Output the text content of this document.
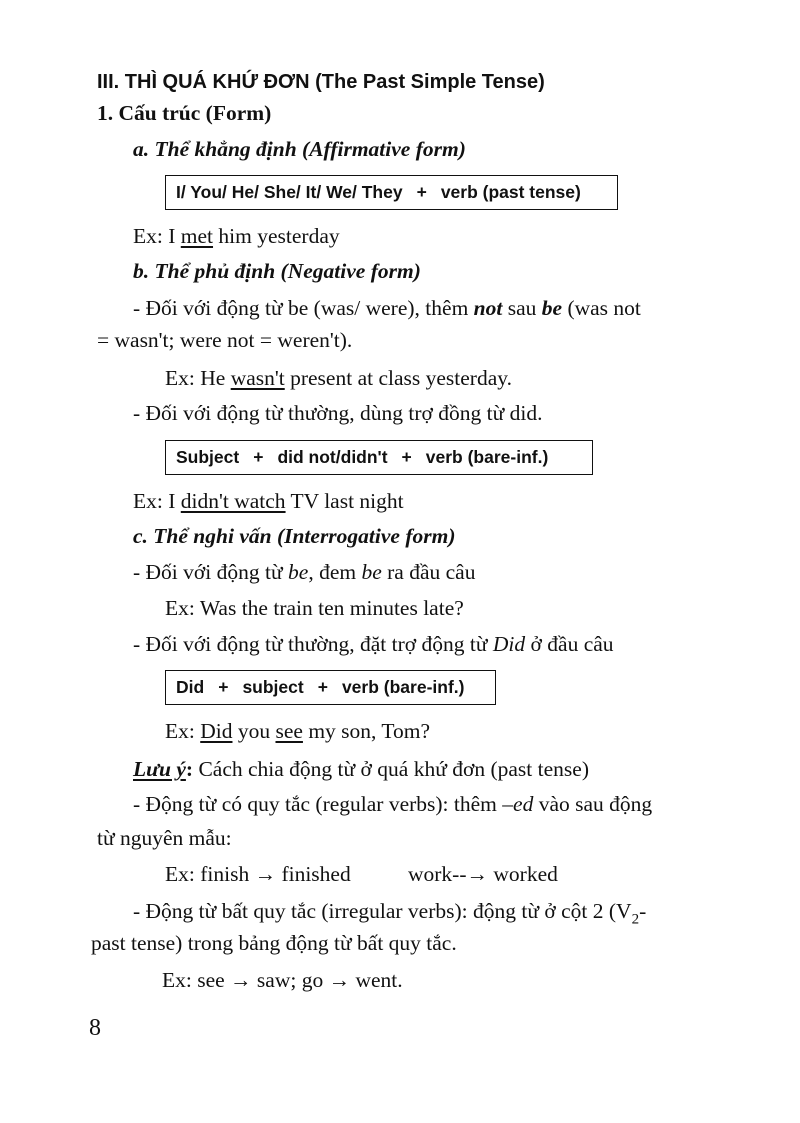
III. THÌ QUÁ KHỨ ĐƠN (The Past Simple Tense)
1. Cấu trúc (Form)
a. Thể khẳng định (Affirmative form)
I/ You/ He/ She/ It/ We/ They + verb (past tense)
Ex: I met him yesterday
b. Thể phủ định (Negative form)
- Đối với động từ be (was/ were), thêm not sau be (was not
= wasn't; were not = weren't).
Ex: He wasn't present at class yesterday.
- Đối với động từ thường, dùng trợ đồng từ did.
Subject + did not/didn't + verb (bare-inf.)
Ex: I didn't watch TV last night
c. Thể nghi vấn (Interrogative form)
- Đối với động từ be, đem be ra đầu câu
Ex: Was the train ten minutes late?
- Đối với động từ thường, đặt trợ động từ Did ở đầu câu
Did + subject + verb (bare-inf.)
Ex: Did you see my son, Tom?
Lưu ý: Cách chia động từ ở quá khứ đơn (past tense)
- Động từ có quy tắc (regular verbs): thêm –ed vào sau động
từ nguyên mẫu:
Ex: finish → finished	work--→ worked
- Động từ bất quy tắc (irregular verbs): động từ ở cột 2 ($V_2-$
past tense) trong bảng động từ bất quy tắc.
Ex: see → saw; go → went.
8
